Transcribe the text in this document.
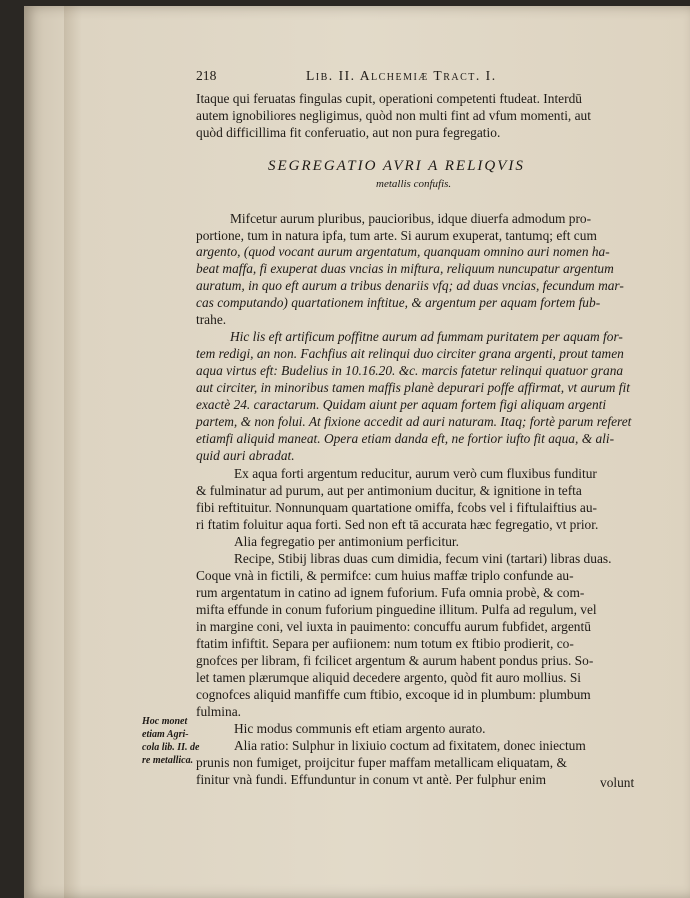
218	Lib. II. Alchemiæ Tract. I.
Itaque qui feruatas fingulas cupit, operationi competenti ftudeat. Interdū
autem ignobiliores negligimus, quòd non multi fint ad vfum momenti, aut
quòd difficillima fit conferuatio, aut non pura fegregatio.
SEGREGATIO AVRI A RELIQVIS
metallis confufis.
Mifcetur aurum pluribus, paucioribus, idque diuerfa admodum pro-
portione, tum in natura ipfa, tum arte. Si aurum exuperat, tantumq; eft cum
argento, (quod vocant aurum argentatum, quanquam omnino auri nomen ha-
beat maffa, fi exuperat duas vncias in miftura, reliquum nuncupatur argentum
auratum, in quo eft aurum a tribus denariis vfq; ad duas vncias, fecundum mar-
cas computando) quartationem inftitue, & argentum per aquam fortem fub-
trahe.
Hic lis eft artificum poffitne aurum ad fummam puritatem per aquam for-
tem redigi, an non. Fachfius ait relinqui duo circiter grana argenti, prout tamen
aqua virtus eft: Budelius in 10.16.20. &c. marcis fatetur relinqui quatuor grana
aut circiter, in minoribus tamen maffis planè depurari poffe affirmat, vt aurum fit
exactè 24. caractarum. Quidam aiunt per aquam fortem figi aliquam argenti
partem, & non folui. At fixione accedit ad auri naturam. Itaq; fortè parum referet
etiamfi aliquid maneat. Opera etiam danda eft, ne fortior iufto fit aqua, & ali-
quid auri abradat.
Ex aqua forti argentum reducitur, aurum verò cum fluxibus funditur
& fulminatur ad purum, aut per antimonium ducitur, & ignitione in tefta
fibi reftituitur. Nonnunquam quartatione omiffa, fcobs vel i fiftulaiftius au-
ri ftatim foluitur aqua forti. Sed non eft tā accurata hæc fegregatio, vt prior.
Alia fegregatio per antimonium perficitur.
Recipe, Stibij libras duas cum dimidia, fecum vini (tartari) libras duas.
Coque vnà in fictili, & permifce: cum huius maffæ triplo confunde au-
rum argentatum in catino ad ignem fuforium. Fufa omnia probè, & com-
mifta effunde in conum fuforium pinguedine illitum. Pulfa ad regulum, vel
in margine coni, vel iuxta in pauimento: concuffu aurum fubfidet, argentū
ftatim infiftit. Separa per aufiionem: num totum ex ftibio prodierit, co-
gnofces per libram, fi fcilicet argentum & aurum habent pondus prius. So-
let tamen plærumque aliquid decedere argento, quòd fit auro mollius. Si
cognofces aliquid manfiffe cum ftibio, excoque id in plumbum: plumbum
fulmina.
Hic modus communis eft etiam argento aurato.
Alia ratio: Sulphur in lixiuio coctum ad fixitatem, donec iniectum
prunis non fumiget, proijcitur fuper maffam metallicam eliquatam, &
finitur vnà fundi. Effunduntur in conum vt antè. Per fulphur enim	volunt
Hoc monet
etiam Agri-
cola lib. II. de
re metallica.
